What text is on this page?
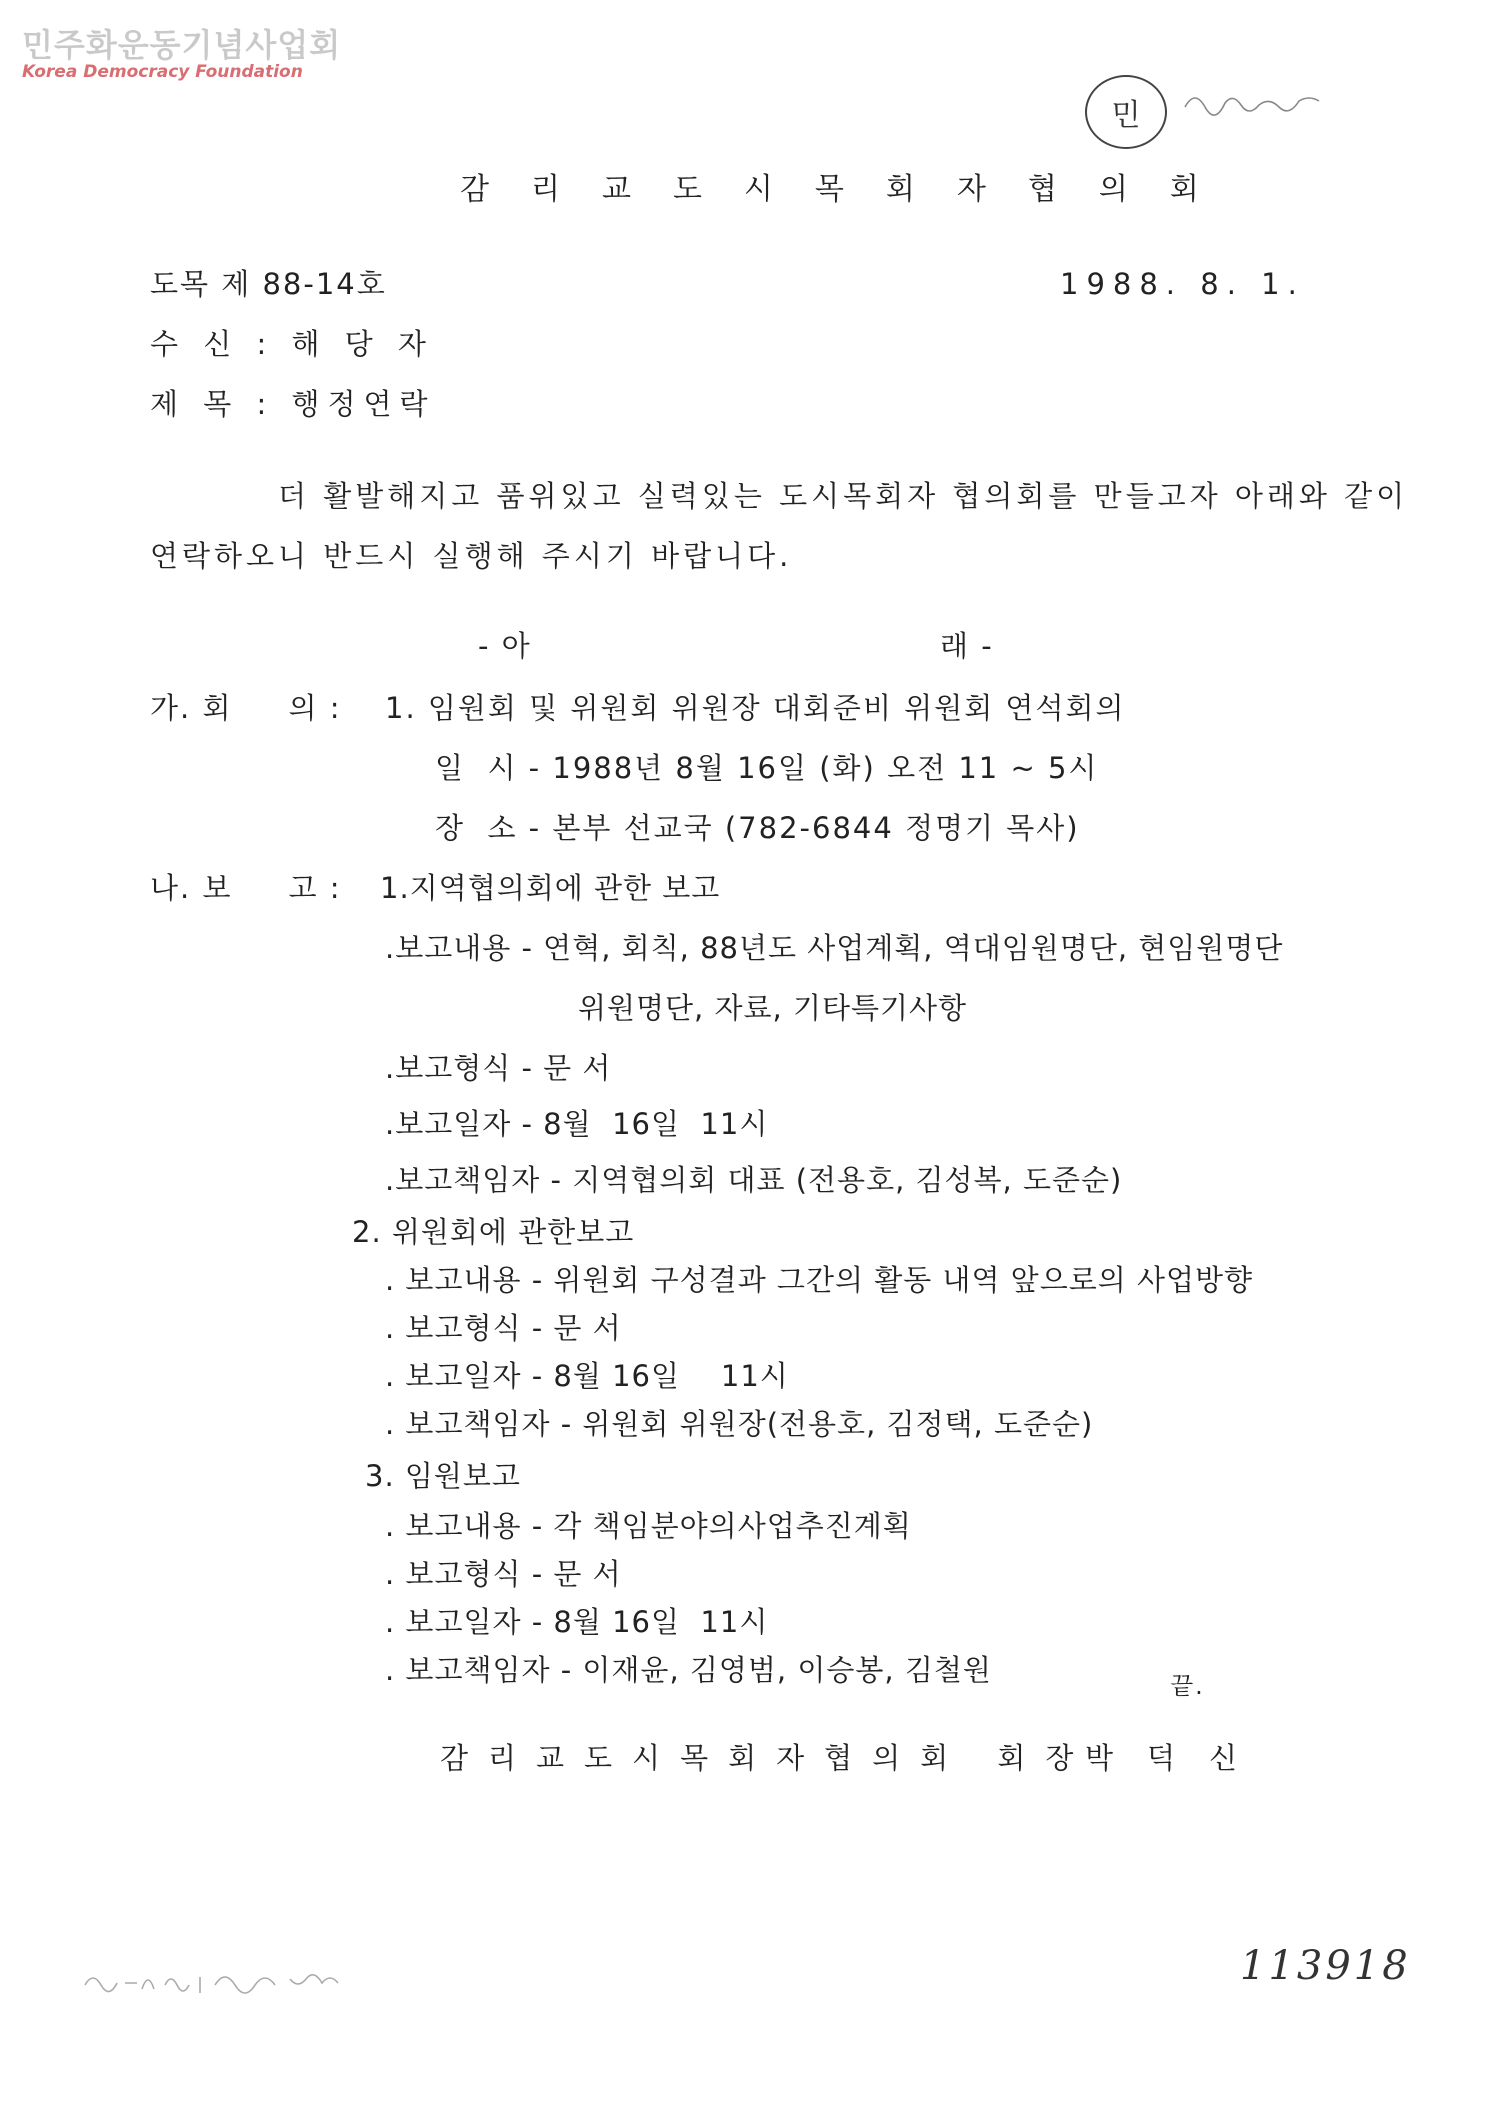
민주화운동기념사업회
Korea Democracy Foundation
민
감리교도시목회자협의회
도목 제 88-14호	1988. 8. 1.
수 신 : 해 당 자
제 목 : 행정연락
더 활발해지고 품위있고 실력있는 도시목회자 협의회를 만들고자 아래와 같이
연락하오니 반드시 실행해 주시기 바랍니다.
- 아	래 -
가. 회     의 : 1. 임원회 및 위원회 위원장 대회준비 위원회 연석회의
일  시 - 1988년 8월 16일 (화) 오전 11 ~ 5시
장  소 - 본부 선교국 (782-6844 정명기 목사)
나. 보     고 : 1.지역협의회에 관한 보고
.보고내용 - 연혁, 회칙, 88년도 사업계획, 역대임원명단, 현임원명단
위원명단, 자료, 기타특기사항
.보고형식 - 문 서
.보고일자 - 8월  16일  11시
.보고책임자 - 지역협의회 대표 (전용호, 김성복, 도준순)
2. 위원회에 관한보고
. 보고내용 - 위원회 구성결과 그간의 활동 내역 앞으로의 사업방향
. 보고형식 - 문 서
. 보고일자 - 8월 16일    11시
. 보고책임자 - 위원회 위원장(전용호, 김정택, 도준순)
3. 임원보고
. 보고내용 - 각 책임분야의사업추진계획
. 보고형식 - 문 서
. 보고일자 - 8월 16일  11시
. 보고책임자 - 이재윤, 김영범, 이승봉, 김철원	끝.
감리교도시목회자협의회 회장
박덕신
113918
